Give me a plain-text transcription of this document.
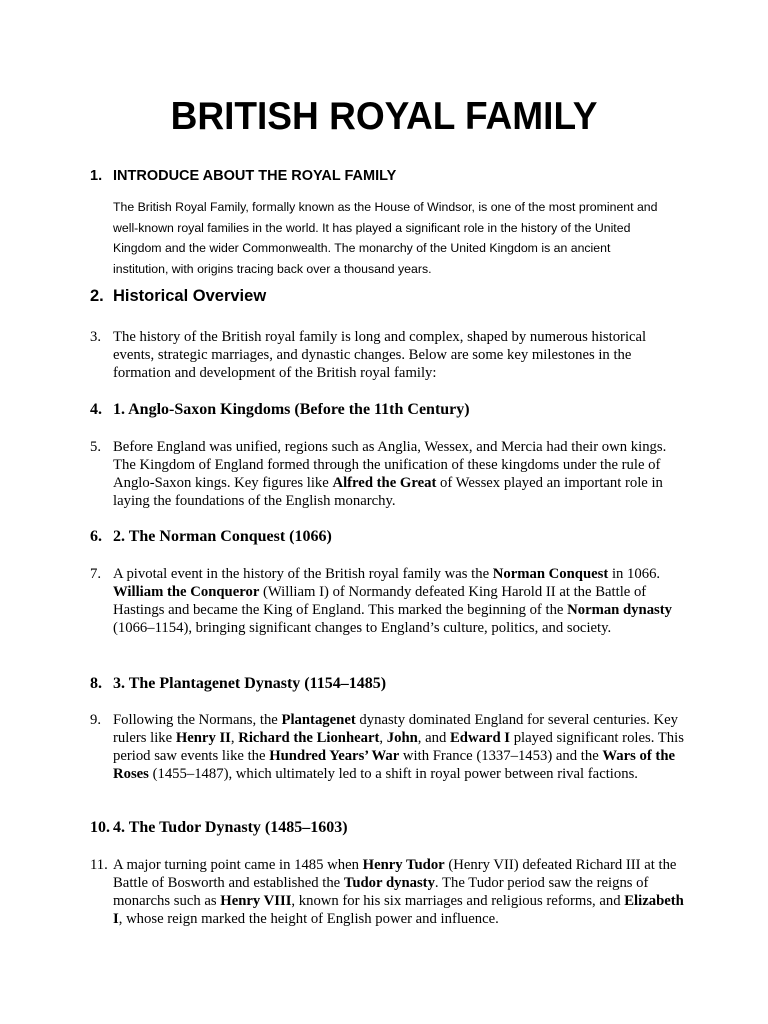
BRITISH ROYAL FAMILY
1. INTRODUCE ABOUT THE ROYAL FAMILY
The British Royal Family, formally known as the House of Windsor, is one of the most prominent and well-known royal families in the world. It has played a significant role in the history of the United Kingdom and the wider Commonwealth. The monarchy of the United Kingdom is an ancient institution, with origins tracing back over a thousand years.
2. Historical Overview
3. The history of the British royal family is long and complex, shaped by numerous historical events, strategic marriages, and dynastic changes. Below are some key milestones in the formation and development of the British royal family:
4. 1. Anglo-Saxon Kingdoms (Before the 11th Century)
5. Before England was unified, regions such as Anglia, Wessex, and Mercia had their own kings. The Kingdom of England formed through the unification of these kingdoms under the rule of Anglo-Saxon kings. Key figures like Alfred the Great of Wessex played an important role in laying the foundations of the English monarchy.
6. 2. The Norman Conquest (1066)
7. A pivotal event in the history of the British royal family was the Norman Conquest in 1066. William the Conqueror (William I) of Normandy defeated King Harold II at the Battle of Hastings and became the King of England. This marked the beginning of the Norman dynasty (1066–1154), bringing significant changes to England’s culture, politics, and society.
8. 3. The Plantagenet Dynasty (1154–1485)
9. Following the Normans, the Plantagenet dynasty dominated England for several centuries. Key rulers like Henry II, Richard the Lionheart, John, and Edward I played significant roles. This period saw events like the Hundred Years’ War with France (1337–1453) and the Wars of the Roses (1455–1487), which ultimately led to a shift in royal power between rival factions.
10. 4. The Tudor Dynasty (1485–1603)
11. A major turning point came in 1485 when Henry Tudor (Henry VII) defeated Richard III at the Battle of Bosworth and established the Tudor dynasty. The Tudor period saw the reigns of monarchs such as Henry VIII, known for his six marriages and religious reforms, and Elizabeth I, whose reign marked the height of English power and influence.
